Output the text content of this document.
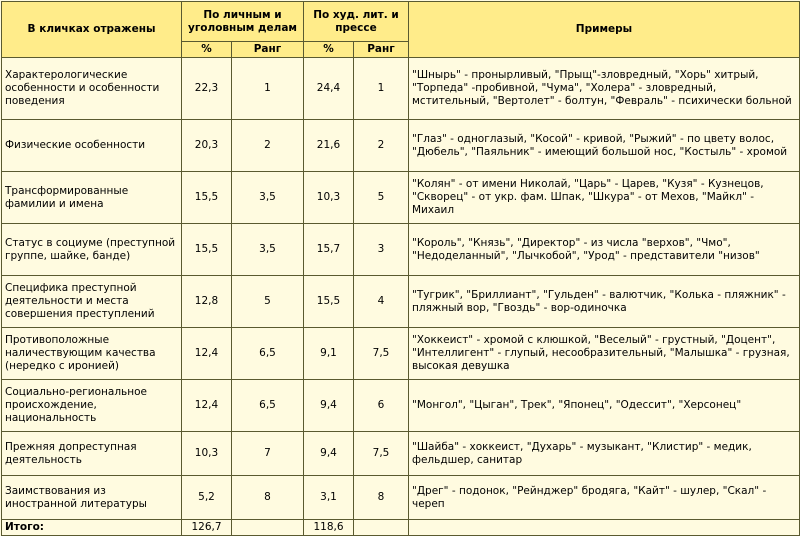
В кличках отражены	По личным и уголовным делам		По худ. лит. и прессе		Примеры
	%	Ранг	%	Ранг	
Характерологические особенности и особенности поведения	22,3	1	24,4	1	"Шнырь" - пронырливый, "Прыщ"-зловредный, "Хорь" хитрый, "Торпеда" -пробивной, "Чума", "Холера" - зловредный, мстительный, "Вертолет" - болтун, "Февраль" - психически больной
Физические особенности	20,3	2	21,6	2	"Глаз" - одноглазый, "Косой" - кривой, "Рыжий" - по цвету волос, "Дюбель", "Паяльник" - имеющий большой нос, "Костыль" - хромой
Трансформированные фамилии и имена	15,5	3,5	10,3	5	"Колян" - от имени Николай, "Царь" - Царев, "Кузя" - Кузнецов, "Скворец" - от укр. фам. Шпак, "Шкура" - от Мехов, "Майкл" - Михаил
Статус в социуме (преступной группе, шайке, банде)	15,5	3,5	15,7	3	"Король", "Князь", "Директор" - из числа "верхов", "Чмо", "Недоделанный", "Лычкобой", "Урод" - представители "низов"
Специфика преступной деятельности и места совершения преступлений	12,8	5	15,5	4	"Тугрик", "Бриллиант", "Гульден" - валютчик, "Колька - пляжник" - пляжный вор, "Гвоздь" - вор-одиночка
Противоположные наличествующим качества (нередко с иронией)	12,4	6,5	9,1	7,5	"Хоккеист" - хромой с клюшкой, "Веселый" - грустный, "Доцент", "Интеллигент" - глупый, несообразительный, "Малышка" - грузная, высокая девушка
Социально-региональное происхождение, национальность	12,4	6,5	9,4	6	"Монгол", "Цыган", Трек", "Японец", "Одессит", "Херсонец"
Прежняя допреступная деятельность	10,3	7	9,4	7,5	"Шайба" - хоккеист, "Духарь" - музыкант, "Клистир" - медик, фельдшер, санитар
Заимствования из иностранной литературы	5,2	8	3,1	8	"Дрег" - подонок, "Рейнджер" бродяга, "Кайт" - шулер, "Скал" - череп
Итого:	126,7		118,6		
